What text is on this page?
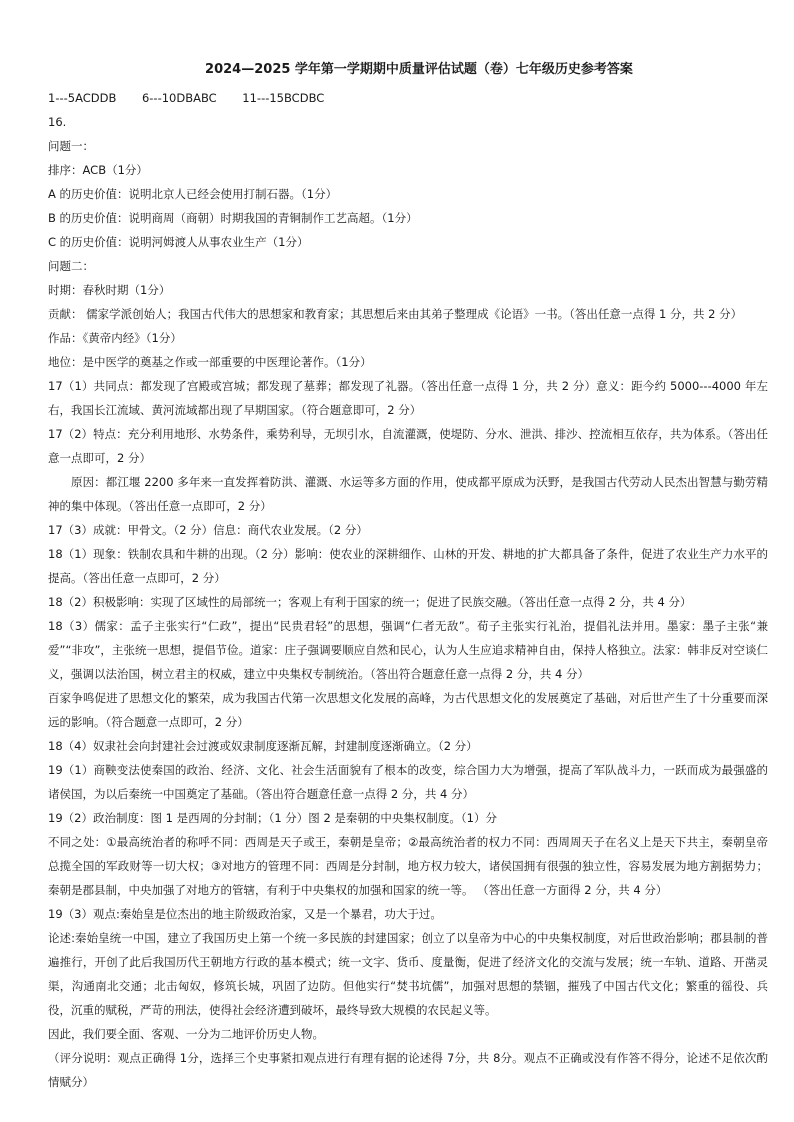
2024—2025 学年第一学期期中质量评估试题（卷）七年级历史参考答案
1---5ACDDB       6---10DBABC       11---15BCDBC
16.
问题一：
排序：ACB（1分）
A 的历史价值：说明北京人已经会使用打制石器。（1分）
B 的历史价值：说明商周（商朝）时期我国的青铜制作工艺高超。（1分）
C 的历史价值：说明河姆渡人从事农业生产（1分）
问题二：
时期：春秋时期（1分）
贡献： 儒家学派创始人；我国古代伟大的思想家和教育家；其思想后来由其弟子整理成《论语》一书。（答出任意一点得 1 分，共 2 分）
作品：《黄帝内经》（1分）
地位：是中医学的奠基之作或一部重要的中医理论著作。（1分）
17（1）共同点：都发现了宫殿或宫城；都发现了墓葬；都发现了礼器。（答出任意一点得 1 分，共 2 分）意义：距今约 5000---4000 年左右，我国长江流域、黄河流域都出现了早期国家。（符合题意即可，2 分）
17（2）特点：充分利用地形、水势条件，乘势利导，无坝引水，自流灌溉，使堤防、分水、泄洪、排沙、控流相互依存，共为体系。（答出任意一点即可，2 分）
原因：都江堰 2200 多年来一直发挥着防洪、灌溉、水运等多方面的作用，使成都平原成为沃野，是我国古代劳动人民杰出智慧与勤劳精神的集中体现。（答出任意一点即可，2 分）
17（3）成就：甲骨文。（2 分）信息：商代农业发展。（2 分）
18（1）现象：铁制农具和牛耕的出现。（2 分）影响：使农业的深耕细作、山林的开发、耕地的扩大都具备了条件，促进了农业生产力水平的提高。（答出任意一点即可，2 分）
18（2）积极影响：实现了区域性的局部统一；客观上有利于国家的统一；促进了民族交融。（答出任意一点得 2 分，共 4 分）
18（3）儒家：孟子主张实行“仁政”，提出“民贵君轻”的思想，强调“仁者无敌”。荀子主张实行礼治，提倡礼法并用。墨家：墨子主张“兼爱”“非攻”，主张统一思想，提倡节俭。道家：庄子强调要顺应自然和民心，认为人生应追求精神自由，保持人格独立。法家：韩非反对空谈仁义，强调以法治国，树立君主的权威，建立中央集权专制统治。（答出符合题意任意一点得 2 分，共 4 分）
百家争鸣促进了思想文化的繁荣，成为我国古代第一次思想文化发展的高峰，为古代思想文化的发展奠定了基础，对后世产生了十分重要而深远的影响。（符合题意一点即可，2 分）
18（4）奴隶社会向封建社会过渡或奴隶制度逐渐瓦解，封建制度逐渐确立。（2 分）
19（1）商鞅变法使秦国的政治、经济、文化、社会生活面貌有了根本的改变，综合国力大为增强，提高了军队战斗力，一跃而成为最强盛的诸侯国，为以后秦统一中国奠定了基础。（答出符合题意任意一点得 2 分，共 4 分）
19（2）政治制度：图 1 是西周的分封制；（1 分）图 2 是秦朝的中央集权制度。（1）分
不同之处：①最高统治者的称呼不同：西周是天子或王，秦朝是皇帝；②最高统治者的权力不同：西周周天子在名义上是天下共主，秦朝皇帝总揽全国的军政财等一切大权；③对地方的管理不同：西周是分封制，地方权力较大，诸侯国拥有很强的独立性，容易发展为地方割据势力；秦朝是郡县制，中央加强了对地方的管辖，有利于中央集权的加强和国家的统一等。 （答出任意一方面得 2 分，共 4 分）
19（3）观点:秦始皇是位杰出的地主阶级政治家，又是一个暴君，功大于过。
论述:秦始皇统一中国，建立了我国历史上第一个统一多民族的封建国家；创立了以皇帝为中心的中央集权制度，对后世政治影响；郡县制的普遍推行，开创了此后我国历代王朝地方行政的基本模式；统一文字、货币、度量衡，促进了经济文化的交流与发展；统一车轨、道路、开凿灵渠，沟通南北交通；北击匈奴，修筑长城，巩固了边防。但他实行“焚书坑儒”，加强对思想的禁锢，摧残了中国古代文化；繁重的徭役、兵役，沉重的赋税，严苛的刑法，使得社会经济遭到破坏，最终导致大规模的农民起义等。
因此，我们要全面、客观、一分为二地评价历史人物。
（评分说明：观点正确得 1分，选择三个史事紧扣观点进行有理有据的论述得 7分，共 8分。观点不正确或没有作答不得分，论述不足依次酌情赋分）
